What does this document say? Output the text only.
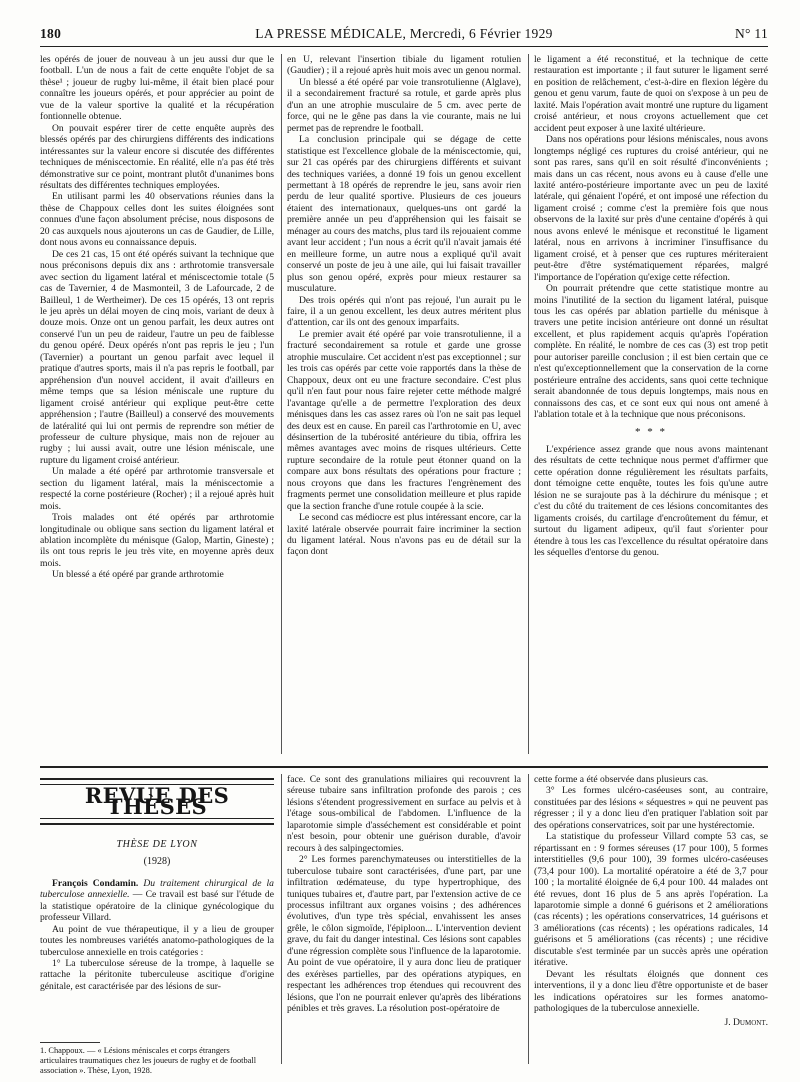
180	LA PRESSE MÉDICALE, Mercredi, 6 Février 1929	N° 11

les opérés de jouer de nouveau à un jeu aussi dur que le football. L'un de nous a fait de cette enquête l'objet de sa thèse¹ ; joueur de rugby lui-même, il était bien placé pour connaître les joueurs opérés, et pour apprécier au point de vue de la valeur sportive la qualité et la récupération fontionnelle obtenue.

On pouvait espérer tirer de cette enquête auprès des blessés opérés par des chirurgiens différents des indications intéressantes sur la valeur encore si discutée des différentes techniques de méniscectomie. En réalité, elle n'a pas été très démonstrative sur ce point, montrant plutôt d'unanimes bons résultats des différentes techniques employées.

En utilisant parmi les 40 observations réunies dans la thèse de Chappoux celles dont les suites éloignées sont connues d'une façon absolument précise, nous disposons de 20 cas auxquels nous ajouterons un cas de Gaudier, de Lille, dont nous avons eu connaissance depuis.

De ces 21 cas, 15 ont été opérés suivant la technique que nous préconisons depuis dix ans : arthrotomie transversale avec section du ligament latéral et méniscectomie totale (5 cas de Tavernier, 4 de Masmonteil, 3 de Lafourcade, 2 de Bailleul, 1 de Wertheimer). De ces 15 opérés, 13 ont repris le jeu après un délai moyen de cinq mois, variant de deux à douze mois. Onze ont un genou parfait, les deux autres ont conservé l'un un peu de raideur, l'autre un peu de faiblesse du genou opéré. Deux opérés n'ont pas repris le jeu ; l'un (Tavernier) a pourtant un genou parfait avec lequel il pratique d'autres sports, mais il n'a pas repris le football, par appréhension d'un nouvel accident, il avait d'ailleurs en même temps que sa lésion méniscale une rupture du ligament croisé antérieur qui explique peut-être cette appréhension ; l'autre (Bailleul) a conservé des mouvements de latéralité qui lui ont permis de reprendre son métier de professeur de culture physique, mais non de rejouer au rugby ; lui aussi avait, outre une lésion méniscale, une rupture du ligament croisé antérieur.

Un malade a été opéré par arthrotomie transversale et section du ligament latéral, mais la méniscectomie a respecté la corne postérieure (Rocher) ; il a rejoué après huit mois.

Trois malades ont été opérés par arthrotomie longitudinale ou oblique sans section du ligament latéral et ablation incomplète du ménisque (Galop, Martin, Gineste) ; ils ont tous repris le jeu très vite, en moyenne après deux mois.

Un blessé a été opéré par grande arthrotomie

en U, relevant l'insertion tibiale du ligament rotulien (Gaudier) ; il a rejoué après huit mois avec un genou normal.

Un blessé a été opéré par voie transrotulienne (Alglave), il a secondairement fracturé sa rotule, et garde après plus d'un an une atrophie musculaire de 5 cm. avec perte de force, qui ne le gêne pas dans la vie courante, mais ne lui permet pas de reprendre le football.

La conclusion principale qui se dégage de cette statistique est l'excellence globale de la méniscectomie, qui, sur 21 cas opérés par des chirurgiens différents et suivant des techniques variées, a donné 19 fois un genou excellent permettant à 18 opérés de reprendre le jeu, sans avoir rien perdu de leur qualité sportive. Plusieurs de ces joueurs étaient des internationaux, quelques-uns ont gardé la première année un peu d'appréhension qui les faisait se ménager au cours des matchs, plus tard ils rejouaient comme avant leur accident ; l'un nous a écrit qu'il n'avait jamais été en meilleure forme, un autre nous a expliqué qu'il avait conservé un poste de jeu à une aile, qui lui faisait travailler plus son genou opéré, exprès pour mieux restaurer sa musculature.

Des trois opérés qui n'ont pas rejoué, l'un aurait pu le faire, il a un genou excellent, les deux autres méritent plus d'attention, car ils ont des genoux imparfaits.

Le premier avait été opéré par voie transrotulienne, il a fracturé secondairement sa rotule et garde une grosse atrophie musculaire. Cet accident n'est pas exceptionnel ; sur les trois cas opérés par cette voie rapportés dans la thèse de Chappoux, deux ont eu une fracture secondaire. C'est plus qu'il n'en faut pour nous faire rejeter cette méthode malgré l'avantage qu'elle a de permettre l'exploration des deux ménisques dans les cas assez rares où l'on ne sait pas lequel des deux est en cause. En pareil cas l'arthrotomie en U, avec désinsertion de la tubérosité antérieure du tibia, offrira les mêmes avantages avec moins de risques ultérieurs. Cette rupture secondaire de la rotule peut étonner quand on la compare aux bons résultats des opérations pour fracture ; nous croyons que dans les fractures l'engrènement des fragments permet une consolidation meilleure et plus rapide que la section franche d'une rotule coupée à la scie.

Le second cas médiocre est plus intéressant encore, car la laxité latérale observée pourrait faire incriminer la section du ligament latéral. Nous n'avons pas eu de détail sur la façon dont

le ligament a été reconstitué, et la technique de cette restauration est importante ; il faut suturer le ligament serré en position de relâchement, c'est-à-dire en flexion légère du genou et genu varum, faute de quoi on s'expose à un peu de laxité. Mais l'opération avait montré une rupture du ligament croisé antérieur, et nous croyons actuellement que cet accident peut exposer à une laxité ultérieure.

Dans nos opérations pour lésions méniscales, nous avons longtemps négligé ces ruptures du croisé antérieur, qui ne sont pas rares, sans qu'il en soit résulté d'inconvénients ; mais dans un cas récent, nous avons eu à cause d'elle une laxité antéro-postérieure importante avec un peu de laxité latérale, qui génaient l'opéré, et ont imposé une réfection du ligament croisé ; comme c'est la première fois que nous observons de la laxité sur près d'une centaine d'opérés à qui nous avons enlevé le ménisque et reconstitué le ligament latéral, nous en arrivons à incriminer l'insuffisance du ligament croisé, et à penser que ces ruptures mériteraient peut-être d'être systématiquement réparées, malgré l'importance de l'opération qu'exige cette réfection.

On pourrait prétendre que cette statistique montre au moins l'inutilité de la section du ligament latéral, puisque tous les cas opérés par ablation partielle du ménisque à travers une petite incision antérieure ont donné un résultat excellent, et plus rapidement acquis qu'après l'opération complète. En réalité, le nombre de ces cas (3) est trop petit pour autoriser pareille conclusion ; il est bien certain que ce n'est qu'exceptionnellement que la conservation de la corne postérieure entraîne des accidents, sans quoi cette technique serait abandonnée de tous depuis longtemps, mais nous en connaissons des cas, et ce sont eux qui nous ont amené à l'ablation totale et à la technique que nous préconisons.

* * *

L'expérience assez grande que nous avons maintenant des résultats de cette technique nous permet d'affirmer que cette opération donne régulièrement les résultats parfaits, dont témoigne cette enquête, toutes les fois qu'une autre lésion ne se surajoute pas à la déchirure du ménisque ; et c'est du côté du traitement de ces lésions concomitantes des ligaments croisés, du cartilage d'encroûtement du fémur, et surtout du ligament adipeux, qu'il faut s'orienter pour étendre à tous les cas l'excellence du résultat opératoire dans les séquelles d'entorse du genou.

REVUE DES THÈSES
THÈSE DE LYON
(1928)

François Condamin. Du traitement chirurgical de la tuberculose annexielle. — Ce travail est basé sur l'étude de la statistique opératoire de la clinique gynécologique du professeur Villard.

Au point de vue thérapeutique, il y a lieu de grouper toutes les nombreuses variétés anatomo-pathologiques de la tuberculose annexielle en trois catégories :

1° La tuberculose séreuse de la trompe, à laquelle se rattache la péritonite tuberculeuse ascitique d'origine génitale, est caractérisée par des lésions de sur-

face. Ce sont des granulations miliaires qui recouvrent la séreuse tubaire sans infiltration profonde des parois ; ces lésions s'étendent progressivement en surface au pelvis et à l'étage sous-ombilical de l'abdomen. L'influence de la laparotomie simple d'asséchement est considérable et point n'est besoin, pour obtenir une guérison durable, d'avoir recours à des salpingectomies.

2° Les formes parenchymateuses ou interstitielles de la tuberculose tubaire sont caractérisées, d'une part, par une infiltration œdémateuse, du type hypertrophique, des tuniques tubaires et, d'autre part, par l'extension active de ce processus infiltrant aux organes voisins ; des adhérences évolutives, d'un type très spécial, envahissent les anses grêle, le côlon sigmoïde, l'épiploon... L'intervention devient grave, du fait du danger intestinal. Ces lésions sont capables d'une régression complète sous l'influence de la laparotomie. Au point de vue opératoire, il y aura donc lieu de pratiquer des exérèses partielles, par des opérations atypiques, en respectant les adhérences trop étendues qui recouvrent des lésions, que l'on ne pourrait enlever qu'après des libérations pénibles et très graves. La résolution post-opératoire de

cette forme a été observée dans plusieurs cas.

3° Les formes ulcéro-caséeuses sont, au contraire, constituées par des lésions « séquestres » qui ne peuvent pas régresser ; il y a donc lieu d'en pratiquer l'ablation soit par des opérations conservatrices, soit par une hystérectomie.

La statistique du professeur Villard compte 53 cas, se répartissant en : 9 formes séreuses (17 pour 100), 5 formes interstitielles (9,6 pour 100), 39 formes ulcéro-caséeuses (73,4 pour 100). La mortalité opératoire a été de 3,7 pour 100 ; la mortalité éloignée de 6,4 pour 100. 44 malades ont été revues, dont 16 plus de 5 ans après l'opération. La laparotomie simple a donné 6 guérisons et 2 améliorations (cas récents) ; les opérations conservatrices, 14 guérisons et 3 améliorations (cas récents) ; les opérations radicales, 14 guérisons et 5 améliorations (cas récents) ; une récidive discutable s'est terminée par un succès après une opération itérative.

Devant les résultats éloignés que donnent ces interventions, il y a donc lieu d'être opportuniste et de baser les indications opératoires sur les formes anatomo-pathologiques de la tuberculose annexielle.

J. Dumont.
1. Chappoux. — « Lésions méniscales et corps étrangers articulaires traumatiques chez les joueurs de rugby et de football association ». Thèse, Lyon, 1928.
